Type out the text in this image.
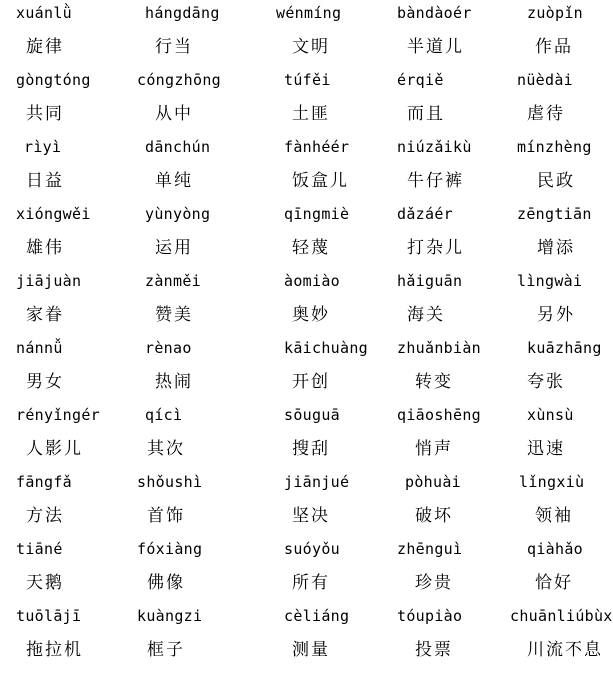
xuánlǜ
旋律
hángdāng
行当
wénmíng
文明
bàndàoér
半道儿
zuòpǐn
作品
gòngtóng
共同
cóngzhōng
从中
túfěi
土匪
érqiě
而且
nüèdài
虐待
rìyì
日益
dānchún
单纯
fànhéér
饭盒儿
niúzǎikù
牛仔裤
mínzhèng
民政
xióngwěi
雄伟
yùnyòng
运用
qīngmiè
轻蔑
dǎzáér
打杂儿
zēngtiān
增添
jiājuàn
家眷
zànměi
赞美
àomiào
奥妙
hǎiguān
海关
lìngwài
另外
nánnǚ
男女
rènao
热闹
kāichuàng
开创
zhuǎnbiàn
转变
kuāzhāng
夸张
rényǐngér
人影儿
qícì
其次
sōuguā
搜刮
qiāoshēng
悄声
xùnsù
迅速
fāngfǎ
方法
shǒushì
首饰
jiānjué
坚决
pòhuài
破坏
lǐngxiù
领袖
tiāné
天鹅
fóxiàng
佛像
suóyǒu
所有
zhēnguì
珍贵
qiàhǎo
恰好
tuōlājī
拖拉机
kuàngzi
框子
cèliáng
测量
tóupiào
投票
chuānliúbùx
川流不息
